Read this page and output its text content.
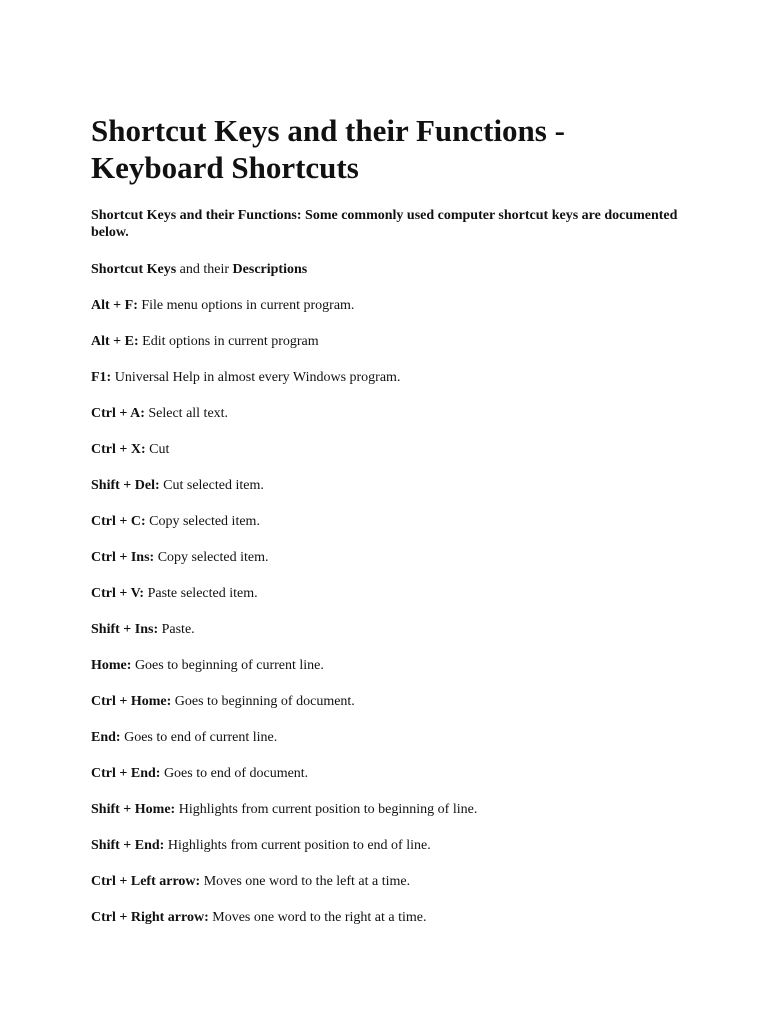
Shortcut Keys and their Functions - Keyboard Shortcuts

Shortcut Keys and their Functions: Some commonly used computer shortcut keys are documented below.

Shortcut Keys and their Descriptions

Alt + F: File menu options in current program.
Alt + E: Edit options in current program
F1: Universal Help in almost every Windows program.
Ctrl + A: Select all text.
Ctrl + X: Cut
Shift + Del: Cut selected item.
Ctrl + C: Copy selected item.
Ctrl + Ins: Copy selected item.
Ctrl + V: Paste selected item.
Shift + Ins: Paste.
Home: Goes to beginning of current line.
Ctrl + Home: Goes to beginning of document.
End: Goes to end of current line.
Ctrl + End: Goes to end of document.
Shift + Home: Highlights from current position to beginning of line.
Shift + End: Highlights from current position to end of line.
Ctrl + Left arrow: Moves one word to the left at a time.
Ctrl + Right arrow: Moves one word to the right at a time.
